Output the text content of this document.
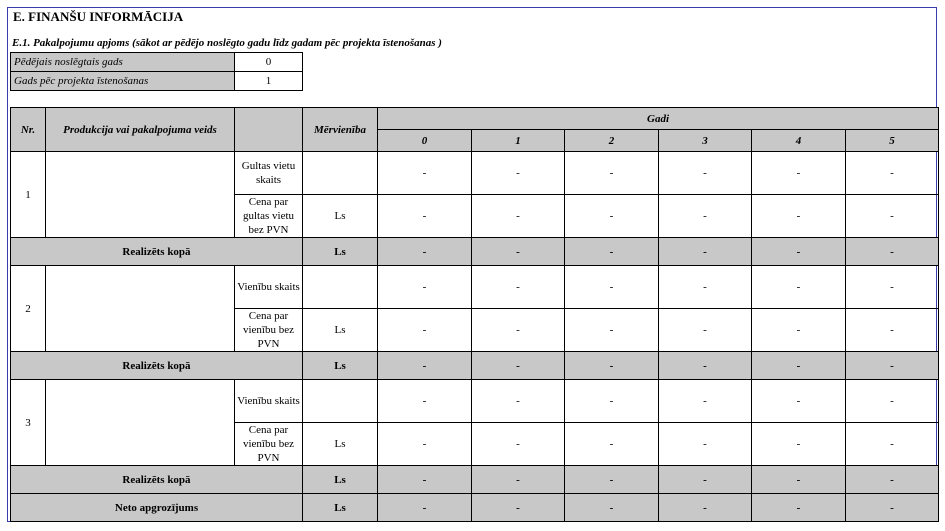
E. FINANŠU INFORMĀCIJA
E.1. Pakalpojumu apjoms (sākot ar pēdējo noslēgto gadu līdz gadam pēc projekta īstenošanas )
Pēdējais noslēgtais gads	0
Gads pēc projekta īstenošanas	1
Nr.	Produkcija vai pakalpojuma veids		Mērvienība	Gadi					
				0	1	2	3	4	5
1		Gultas vietu skaits		-	-	-	-	-	-
		Cena par gultas vietu bez PVN	Ls	-	-	-	-	-	-
Realizēts kopā			Ls	-	-	-	-	-	-
2		Vienību skaits		-	-	-	-	-	-
		Cena par vienību bez PVN	Ls	-	-	-	-	-	-
Realizēts kopā			Ls	-	-	-	-	-	-
3		Vienību skaits		-	-	-	-	-	-
		Cena par vienību bez PVN	Ls	-	-	-	-	-	-
Realizēts kopā			Ls	-	-	-	-	-	-
Neto apgrozījums			Ls	-	-	-	-	-	-
